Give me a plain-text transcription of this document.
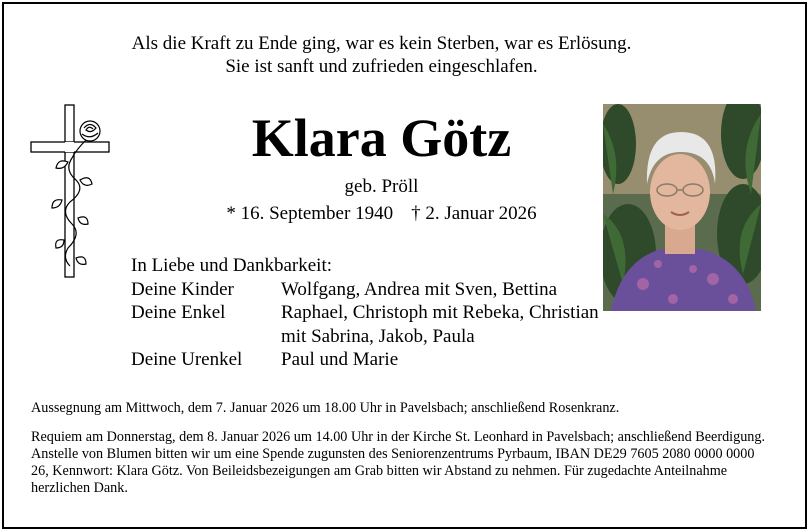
Als die Kraft zu Ende ging, war es kein Sterben, war es Erlösung.
Sie ist sanft und zufrieden eingeschlafen.
Klara Götz
geb. Pröll
* 16. September 1940 † 2. Januar 2026
In Liebe und Dankbarkeit:
Deine Kinder	Wolfgang, Andrea mit Sven, Bettina
Deine Enkel	Raphael, Christoph mit Rebeka, Christian mit Sabrina, Jakob, Paula
Deine Urenkel	Paul und Marie
Aussegnung am Mittwoch, dem 7. Januar 2026 um 18.00 Uhr in Pavelsbach; anschließend Rosenkranz.
Requiem am Donnerstag, dem 8. Januar 2026 um 14.00 Uhr in der Kirche St. Leonhard in Pavelsbach; anschließend Beerdigung. Anstelle von Blumen bitten wir um eine Spende zugunsten des Seniorenzentrums Pyrbaum, IBAN DE29 7605 2080 0000 0000 26, Kennwort: Klara Götz. Von Beileidsbezeigungen am Grab bitten wir Abstand zu nehmen. Für zugedachte Anteilnahme herzlichen Dank.
